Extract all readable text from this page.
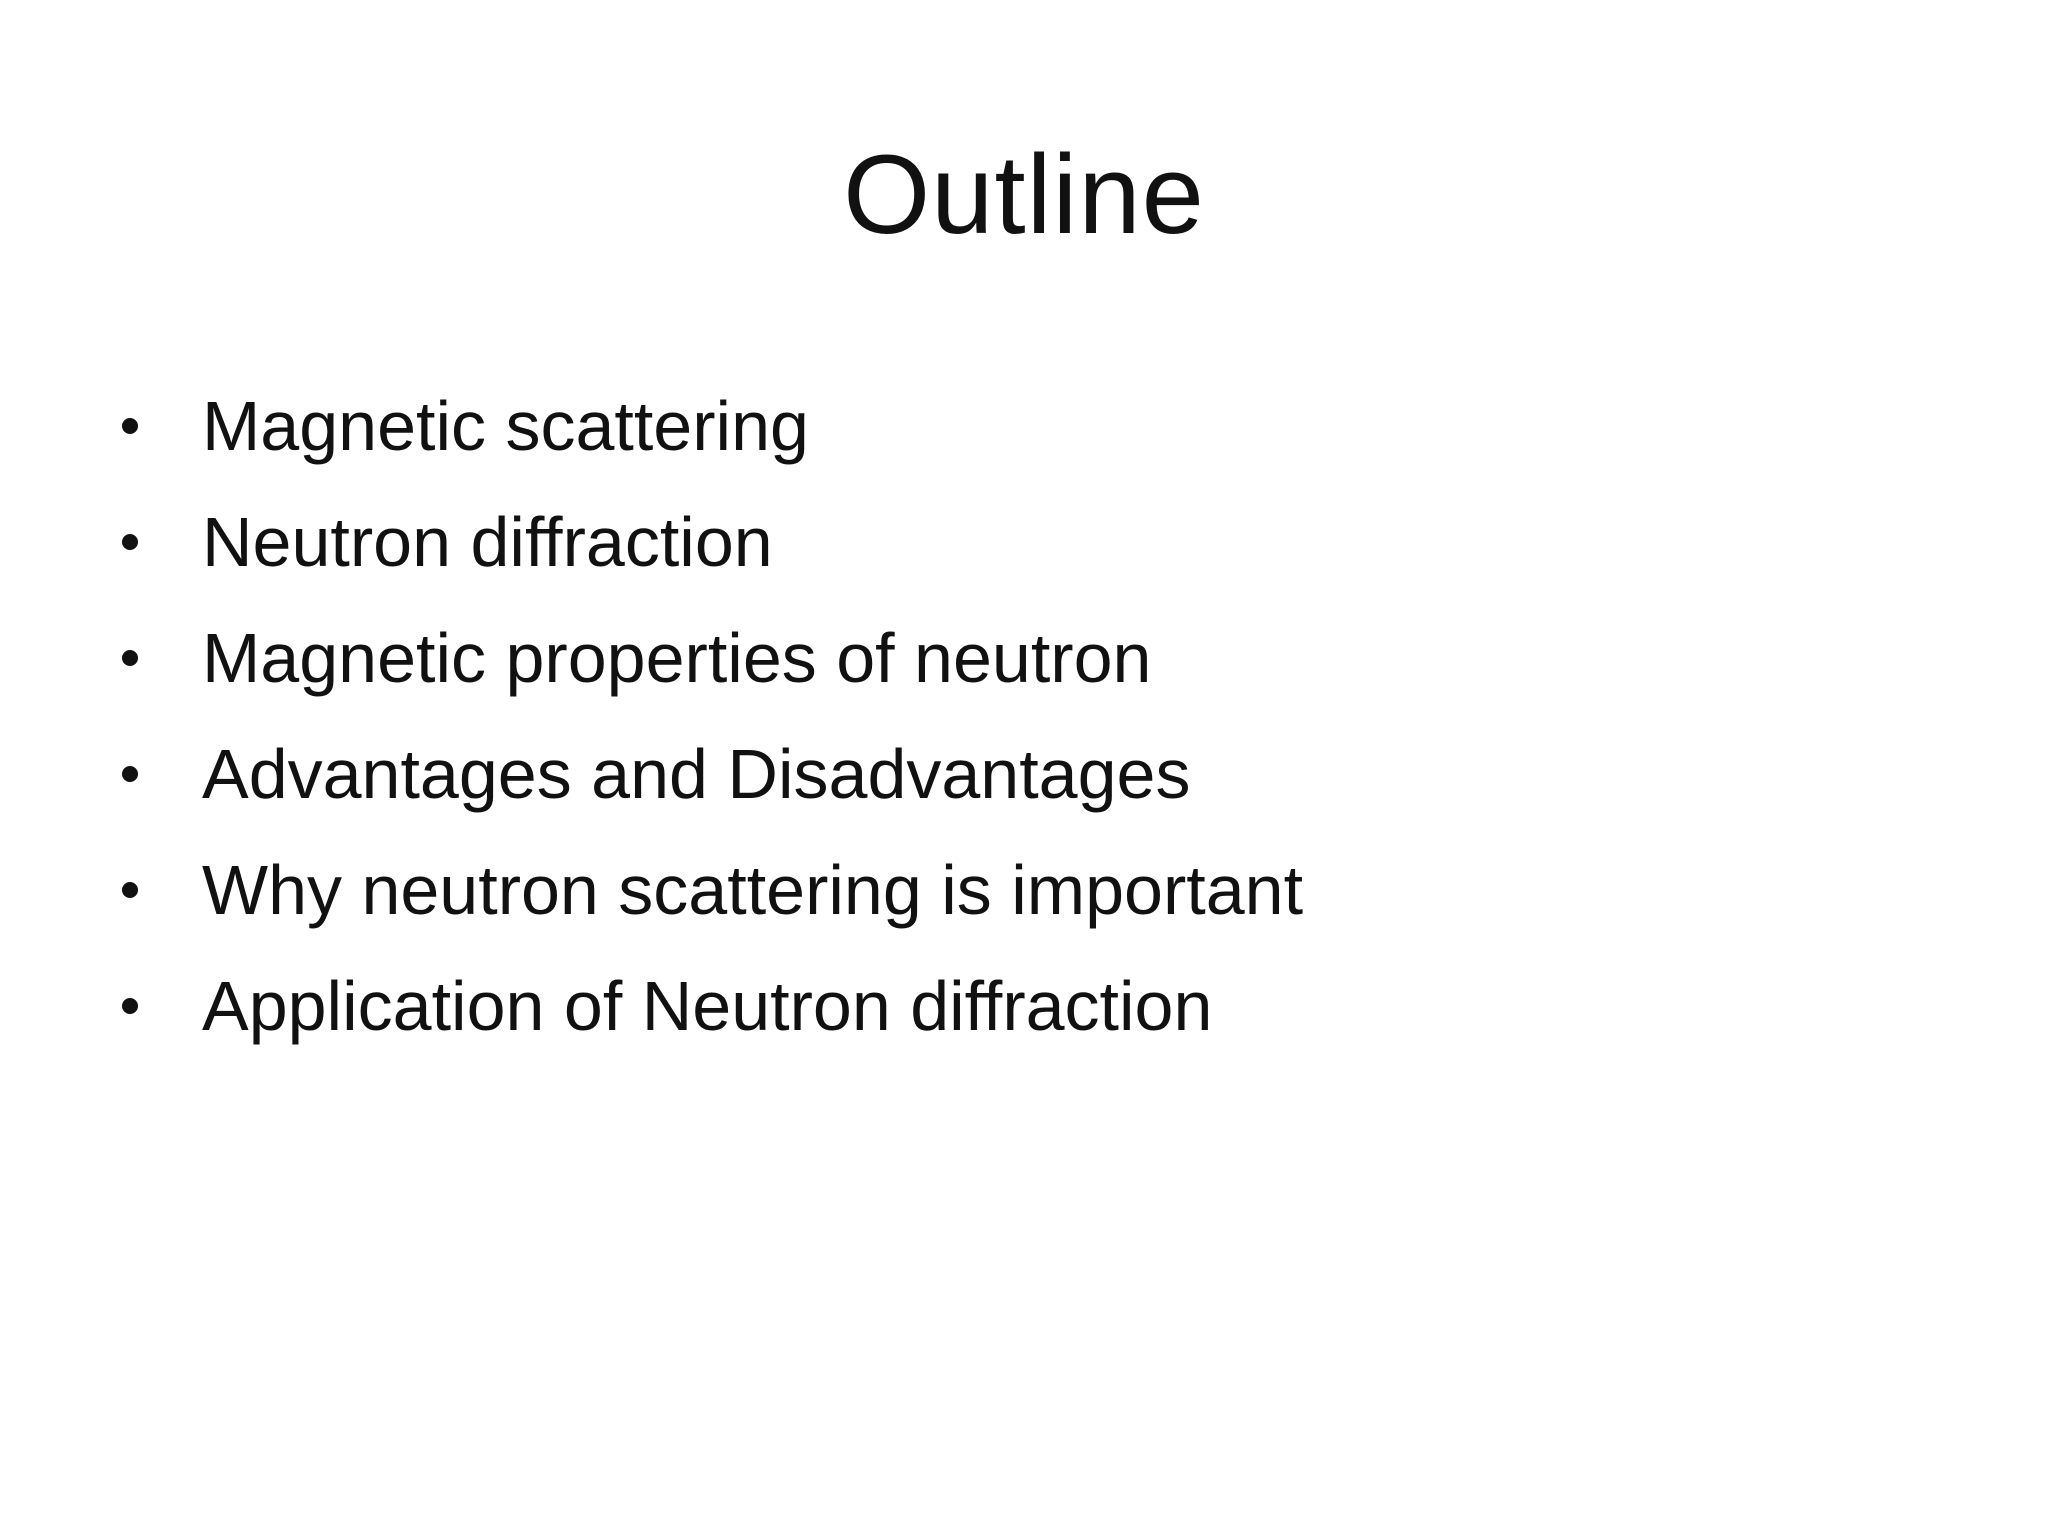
Outline
Magnetic scattering
Neutron diffraction
Magnetic properties of neutron
Advantages and Disadvantages
Why neutron scattering is important
Application of Neutron diffraction
